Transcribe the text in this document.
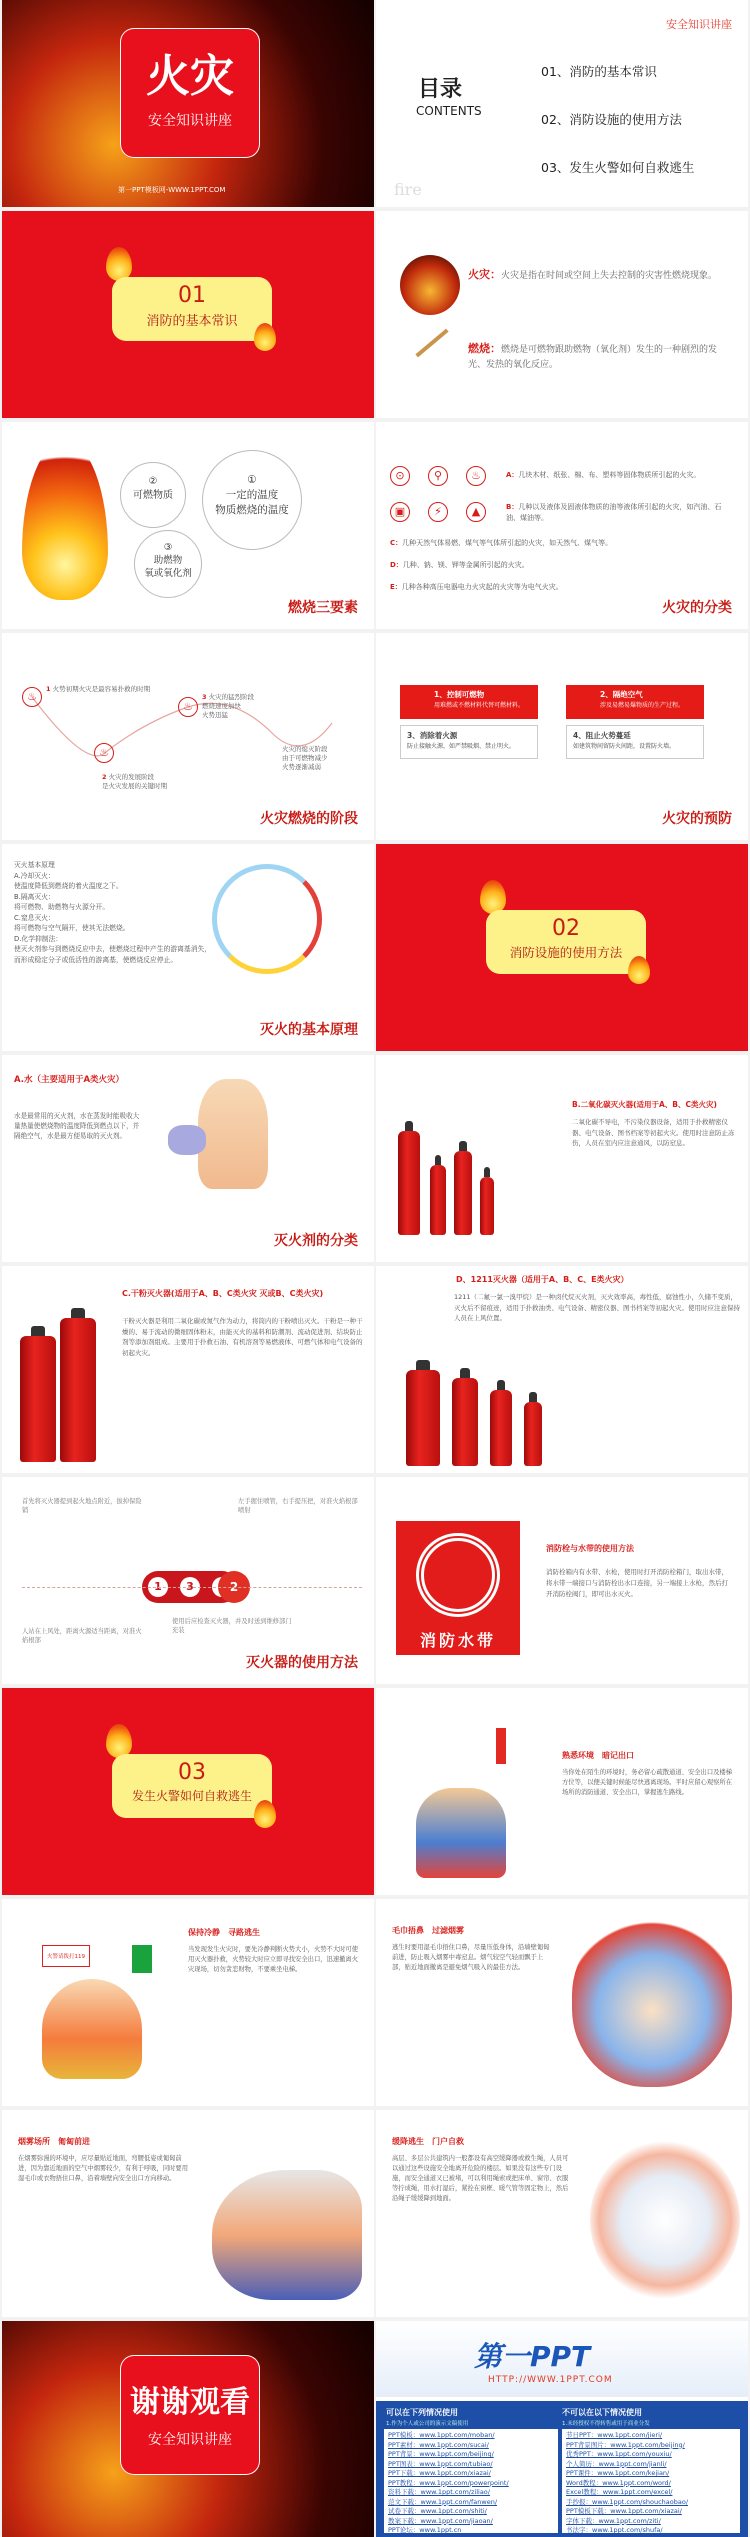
火灾
安全知识讲座
第一PPT模板网-WWW.1PPT.COM
安全知识讲座
目录
CONTENTS
fire
01、消防的基本常识
02、消防设施的使用方法
03、发生火警如何自救逃生
01
消防的基本常识
火灾：火灾是指在时间或空间上失去控制的灾害性燃烧现象。
燃烧：燃烧是可燃物跟助燃物（氧化剂）发生的一种剧烈的发光、发热的氧化反应。
②
可燃物质
①
一定的温度
物质燃烧的温度
③
助燃物
氧或氧化剂
燃烧三要素
⊙	⚲	♨
▣	⚡	▲
A：几块木材、纸张、棉、布、塑料等固体物质所引起的火灾。
B：几种以及液体及固液体物质的油等液体所引起的火灾，如汽油、石油、煤油等。
C：几种天然气体易燃、煤气等气体所引起的火灾，如天然气、煤气等。
D：几种、钠、镁、钾等金属所引起的火灾。
E：几种各种高压电器电力火灾起的火灾等为电气火灾。
火灾的分类
♨
1 火势初期火灾是最容易扑救的时期
♨
2 火灾的发展阶段
是火灾发展的关键时期
♨
3 火灾的猛烈阶段
燃烧速度加快
火势迅猛
火灾的熄灭阶段
由于可燃物减少
火势逐渐减弱
火灾燃烧的阶段
1、控制可燃物
用难燃或不燃材料代替可燃材料。
2、隔绝空气
涉及易燃易爆物质的生产过程。
3、消除着火源
防止接触火源，如严禁吸烟、禁止明火。
4、阻止火势蔓延
如建筑物间留防火间距，设置防火墙。
火灾的预防
灭火基本原理
A.冷却灭火：
使温度降低到燃烧的着火温度之下。
B.隔离灭火：
将可燃物、助燃物与火源分开。
C.窒息灭火：
将可燃物与空气隔开，使其无法燃烧。
D.化学抑制法：
使灭火剂参与到燃烧反应中去，使燃烧过程中产生的游离基消失，
而形成稳定分子或低活性的游离基，使燃烧反应停止。
灭火的基本原理
02
消防设施的使用方法
A.水（主要适用于A类火灾）
水是最常用的灭火剂，水在蒸发时能吸收大量热量使燃烧物的温度降低到燃点以下，并隔绝空气，水是最方便易取的灭火剂。
灭火剂的分类
B.二氧化碳灭火器(适用于A、B、C类火灾)
二氧化碳不导电，不污染仪器设备，适用于扑救精密仪器、电气设备、图书档案等初起火灾。使用时注意防止冻伤，人员在室内应注意通风，以防窒息。
C.干粉灭火器(适用于A、B、C类火灾 灭或B、C类火灾)
干粉灭火器是利用二氧化碳或氮气作为动力，将筒内的干粉喷出灭火。干粉是一种干燥的、易于流动的微细固体粉末，由能灭火的基料和防潮剂、流动促进剂、结块防止剂等添加剂组成。主要用于扑救石油、有机溶剂等易燃液体、可燃气体和电气设备的初起火灾。
D、1211灭火器（适用于A、B、C、E类火灾）
1211（二氟一氯一溴甲烷）是一种卤代烷灭火剂，灭火效率高，毒性低，腐蚀性小，久储不变质，灭火后不留痕迹，适用于扑救油类、电气设备、精密仪器、图书档案等初起火灾。使用时应注意保持人员在上风位置。
首先将灭火器提到起火地点附近，拔掉保险销
左手握住喷管，右手提压把，对准火焰根部喷射
1	3	2
人站在上风处，距离火源适当距离，对准火焰根部
使用后应检查灭火器，并及时送到维修部门充装
灭火器的使用方法
消防水带
消防栓与水带的使用方法
消防栓箱内有水带、水枪，使用时打开消防栓箱门，取出水带，将水带一端接口与消防栓出水口连接，另一端接上水枪，然后打开消防栓阀门，即可出水灭火。
03
发生火警如何自救逃生
熟悉环境　暗记出口
当你处在陌生的环境时，务必留心疏散通道、安全出口及楼梯方位等，以便关键时候能尽快逃离现场。平时应留心观察所在场所的消防通道、安全出口，掌握逃生路线。
火警请拨打119
保持冷静　寻路逃生
当发现发生火灾时，要先冷静判断火势大小，火势不大时可使用灭火器扑救，火势较大时应立即寻找安全出口，迅速撤离火灾现场，切勿贪恋财物，不要乘坐电梯。
毛巾捂鼻　过滤烟雾
逃生时要用湿毛巾捂住口鼻，尽量压低身体，沿墙壁匍匐前进，防止吸入烟雾中毒窒息。烟气较空气轻而飘于上部，贴近地面撤离是避免烟气吸入的最佳方法。
烟雾场所　匍匐前进
在烟雾弥漫的环境中，应尽量贴近地面，弯腰低姿或匍匐前进，因为靠近地面的空气中烟雾较少，有利于呼吸，同时要用湿毛巾或衣物捂住口鼻，沿着墙壁向安全出口方向移动。
缓降逃生　门户自救
高层、多层公共建筑内一般都设有高空缓降器或救生绳，人员可以通过这些设施安全地离开危险的楼层。如果没有这些专门设施，而安全通道又已被堵，可以利用绳索或把床单、窗帘、衣服等拧成绳，用水打湿后，紧拴在窗框、暖气管等固定物上，然后沿绳子缓缓降到地面。
谢谢观看
安全知识讲座
第一PPT
HTTP://WWW.1PPT.COM
可以在下列情况使用
1.作为个人或公司的演示文稿使用
不可以在以下情况使用
1.未经授权不得转售或用于商业分发
PPT模板：www.1ppt.com/moban/
PPT素材：www.1ppt.com/sucai/
PPT背景：www.1ppt.com/beijing/
PPT图表：www.1ppt.com/tubiao/
PPT下载：www.1ppt.com/xiazai/
PPT教程：www.1ppt.com/powerpoint/
资料下载：www.1ppt.com/ziliao/
范文下载：www.1ppt.com/fanwen/
试卷下载：www.1ppt.com/shiti/
教案下载：www.1ppt.com/jiaoan/
PPT论坛：www.1ppt.cn
节日PPT：www.1ppt.com/jieri/
PPT背景图片：www.1ppt.com/beijing/
优秀PPT：www.1ppt.com/youxiu/
个人简历：www.1ppt.com/jianli/
PPT课件：www.1ppt.com/kejian/
Word教程：www.1ppt.com/word/
Excel教程：www.1ppt.com/excel/
手抄报：www.1ppt.com/shouchaobao/
PPT模板下载：www.1ppt.com/xiazai/
字体下载：www.1ppt.com/ziti/
书法字：www.1ppt.com/shufa/
